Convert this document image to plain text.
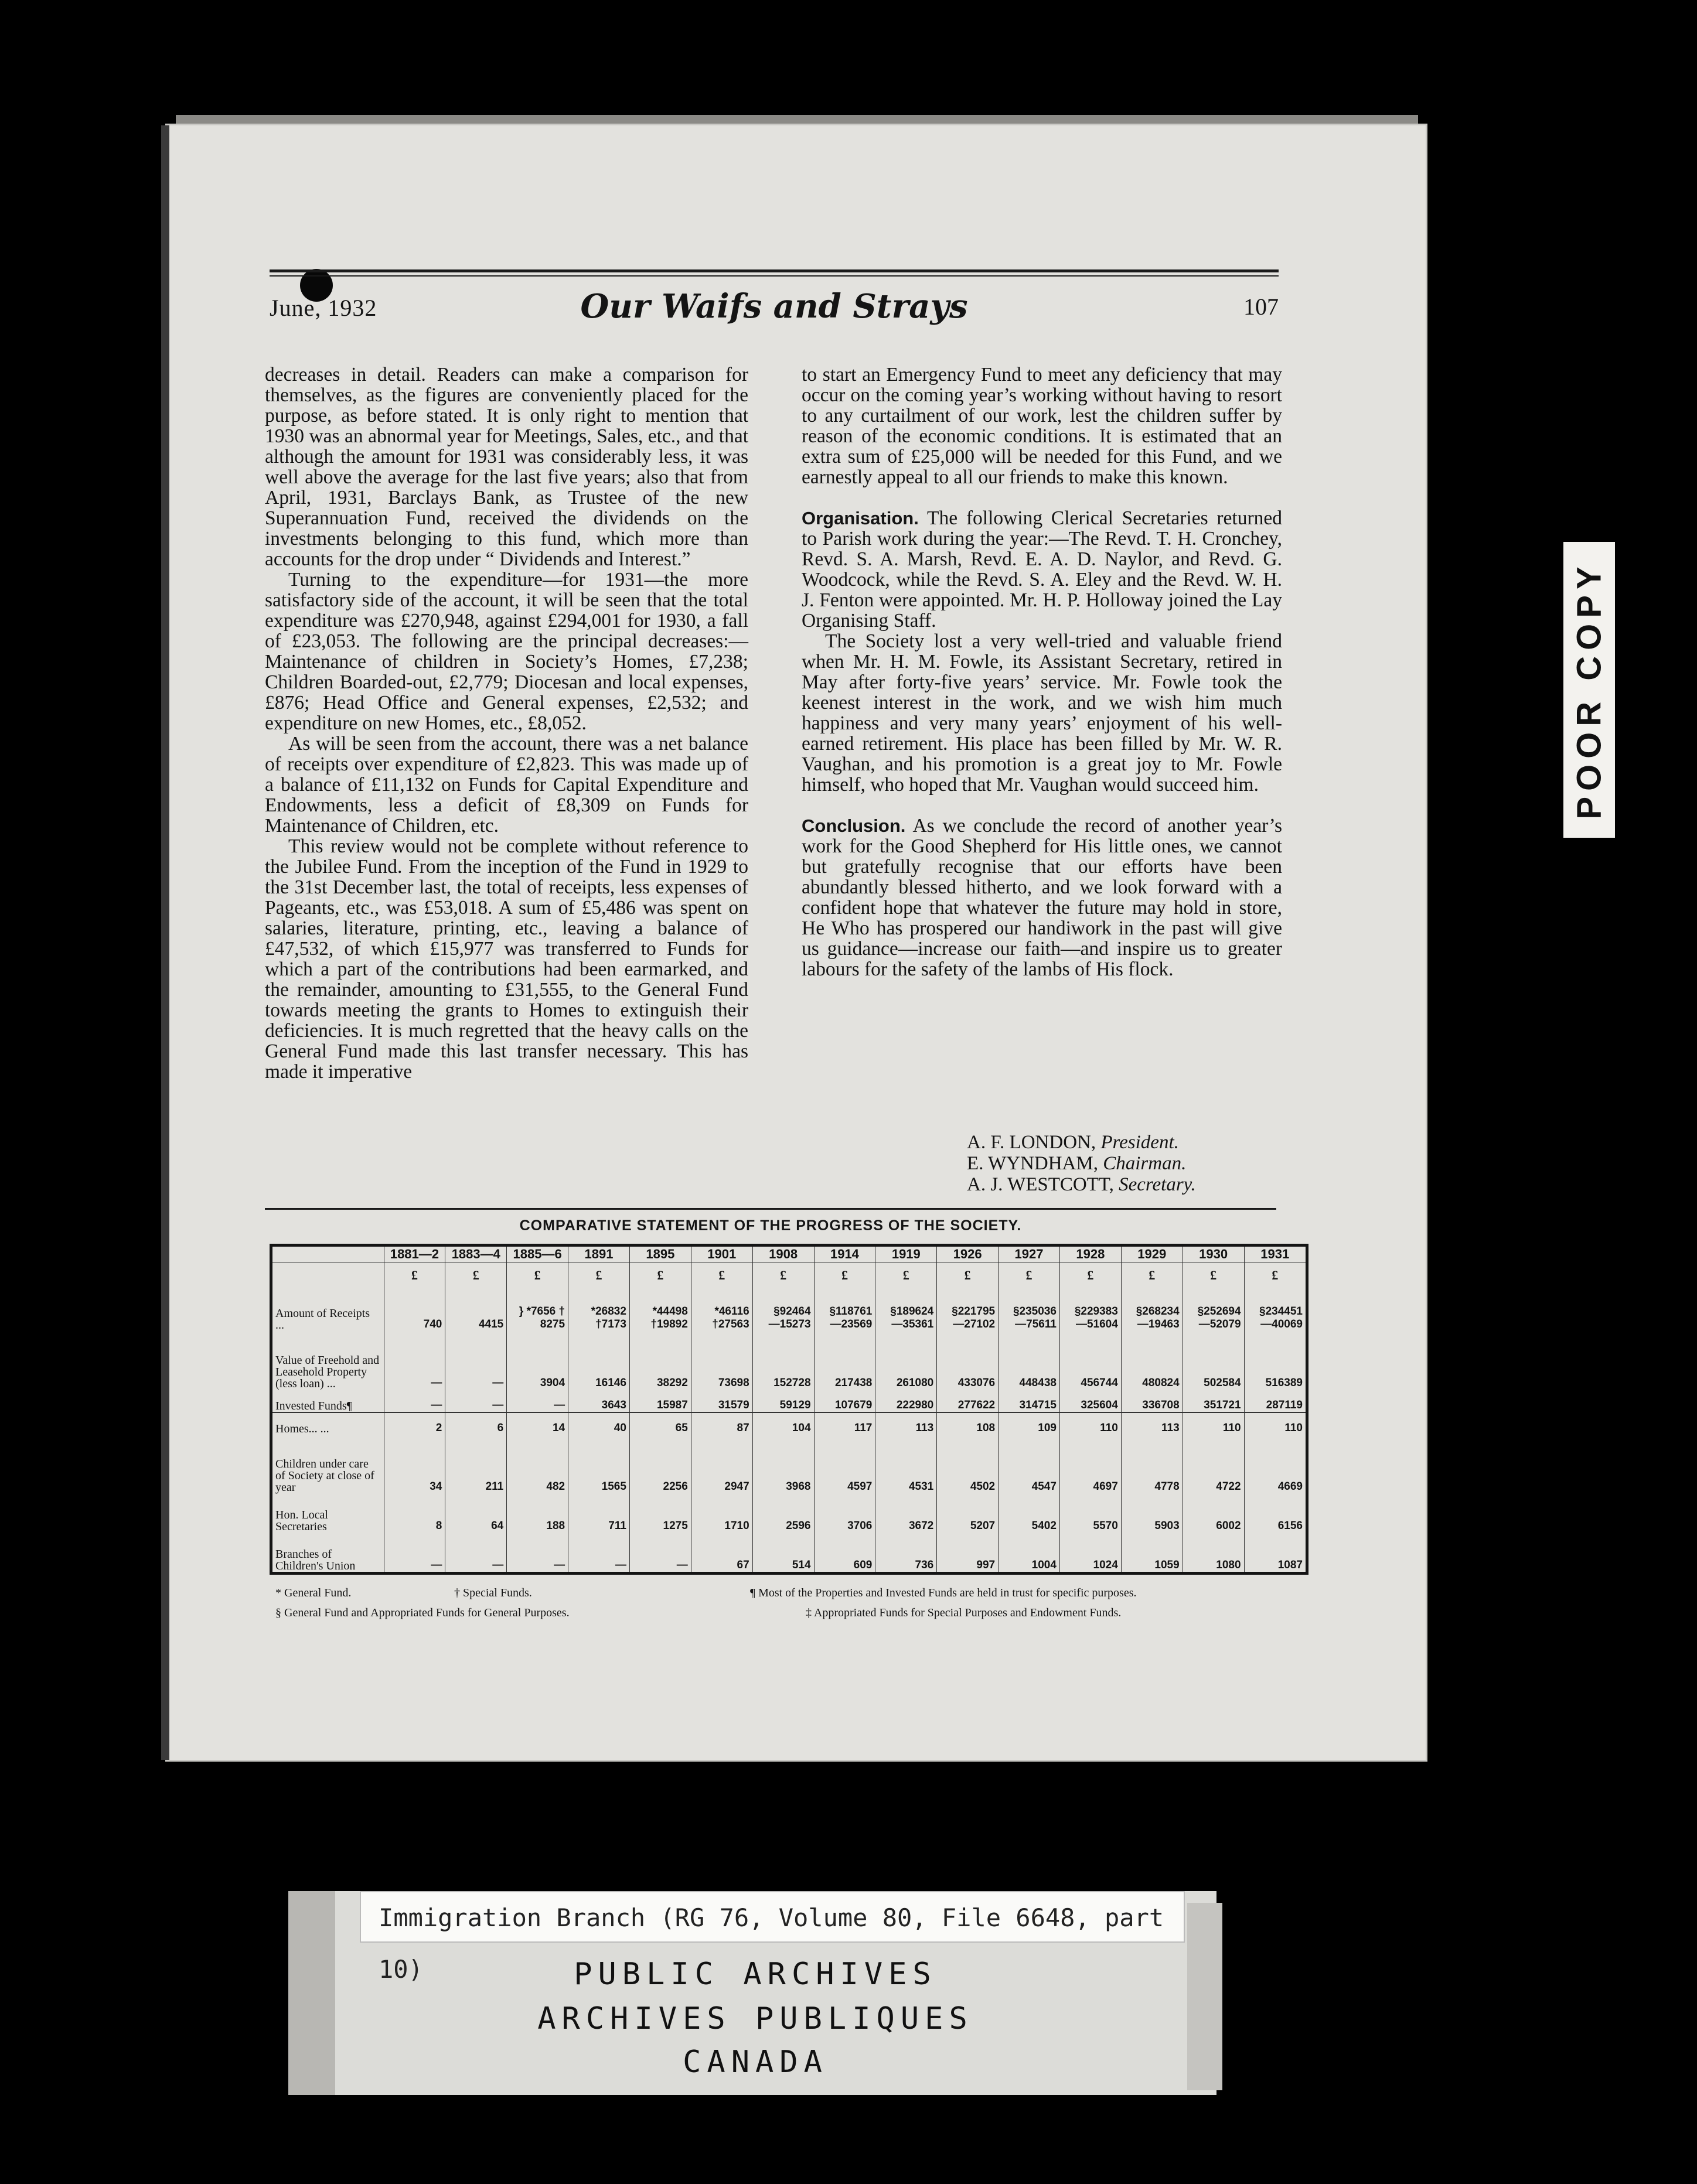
June, 1932	Our Waifs and Strays	107

decreases in detail. Readers can make a comparison for themselves, as the figures are conveniently placed for the purpose, as before stated. It is only right to mention that 1930 was an abnormal year for Meetings, Sales, etc., and that although the amount for 1931 was considerably less, it was well above the average for the last five years; also that from April, 1931, Barclays Bank, as Trustee of the new Superannuation Fund, received the dividends on the investments belonging to this fund, which more than accounts for the drop under “ Dividends and Interest.”

Turning to the expenditure—for 1931—the more satisfactory side of the account, it will be seen that the total expenditure was £270,948, against £294,001 for 1930, a fall of £23,053. The following are the principal decreases:—Maintenance of children in Society’s Homes, £7,238; Children Boarded-out, £2,779; Diocesan and local expenses, £876; Head Office and General expenses, £2,532; and expenditure on new Homes, etc., £8,052.

As will be seen from the account, there was a net balance of receipts over expenditure of £2,823. This was made up of a balance of £11,132 on Funds for Capital Expenditure and Endowments, less a deficit of £8,309 on Funds for Maintenance of Children, etc.

This review would not be complete without reference to the Jubilee Fund. From the inception of the Fund in 1929 to the 31st December last, the total of receipts, less expenses of Pageants, etc., was £53,018. A sum of £5,486 was spent on salaries, literature, printing, etc., leaving a balance of £47,532, of which £15,977 was transferred to Funds for which a part of the contributions had been earmarked, and the remainder, amounting to £31,555, to the General Fund towards meeting the grants to Homes to extinguish their deficiencies. It is much regretted that the heavy calls on the General Fund made this last transfer necessary. This has made it imperative

to start an Emergency Fund to meet any deficiency that may occur on the coming year’s working without having to resort to any curtailment of our work, lest the children suffer by reason of the economic conditions. It is estimated that an extra sum of £25,000 will be needed for this Fund, and we earnestly appeal to all our friends to make this known.

Organisation. The following Clerical Secretaries returned to Parish work during the year:—The Revd. T. H. Cronchey, Revd. S. A. Marsh, Revd. E. A. D. Naylor, and Revd. G. Woodcock, while the Revd. S. A. Eley and the Revd. W. H. J. Fenton were appointed. Mr. H. P. Holloway joined the Lay Organising Staff.

The Society lost a very well-tried and valuable friend when Mr. H. M. Fowle, its Assistant Secretary, retired in May after forty-five years’ service. Mr. Fowle took the keenest interest in the work, and we wish him much happiness and very many years’ enjoyment of his well-earned retirement. His place has been filled by Mr. W. R. Vaughan, and his promotion is a great joy to Mr. Fowle himself, who hoped that Mr. Vaughan would succeed him.

Conclusion. As we conclude the record of another year’s work for the Good Shepherd for His little ones, we cannot but gratefully recognise that our efforts have been abundantly blessed hitherto, and we look forward with a confident hope that whatever the future may hold in store, He Who has prospered our handiwork in the past will give us guidance—increase our faith—and inspire us to greater labours for the safety of the lambs of His flock.

A. F. LONDON, President.
E. WYNDHAM, Chairman.
A. J. WESTCOTT, Secretary.
COMPARATIVE STATEMENT OF THE PROGRESS OF THE SOCIETY.
	1881—2	1883—4	1885—6	1891	1895	1901	1908	1914	1919	1926	1927	1928	1929	1930	1931
	£	£	£	£	£	£	£	£	£	£	£	£	£	£	£
Amount of Receipts ...	740	4415	} *7656 † 8275	*26832 †7173	*44498 †19892	*46116 †27563	§92464 ―15273	§118761 ―23569	§189624 ―35361	§221795 ―27102	§235036 ―75611	§229383 ―51604	§268234 ―19463	§252694 ―52079	§234451 ―40069
Value of Freehold and Leasehold Property (less loan) ...	—	—	3904	16146	38292	73698	152728	217438	261080	433076	448438	456744	480824	502584	516389
Invested Funds¶	—	—	—	3643	15987	31579	59129	107679	222980	277622	314715	325604	336708	351721	287119
Homes... ...	2	6	14	40	65	87	104	117	113	108	109	110	113	110	110
Children under care of Society at close of year	34	211	482	1565	2256	2947	3968	4597	4531	4502	4547	4697	4778	4722	4669
Hon. Local Secretaries	8	64	188	711	1275	1710	2596	3706	3672	5207	5402	5570	5903	6002	6156
Branches of Children's Union	—	—	—	—	—	67	514	609	736	997	1004	1024	1059	1080	1087
* General Fund.	† Special Funds.	¶ Most of the Properties and Invested Funds are held in trust for specific purposes.
§ General Fund and Appropriated Funds for General Purposes.	‡ Appropriated Funds for Special Purposes and Endowment Funds.
POOR COPY
Immigration Branch (RG 76, Volume 80, File 6648, part 10)	PUBLIC ARCHIVES
ARCHIVES PUBLIQUES
CANADA
